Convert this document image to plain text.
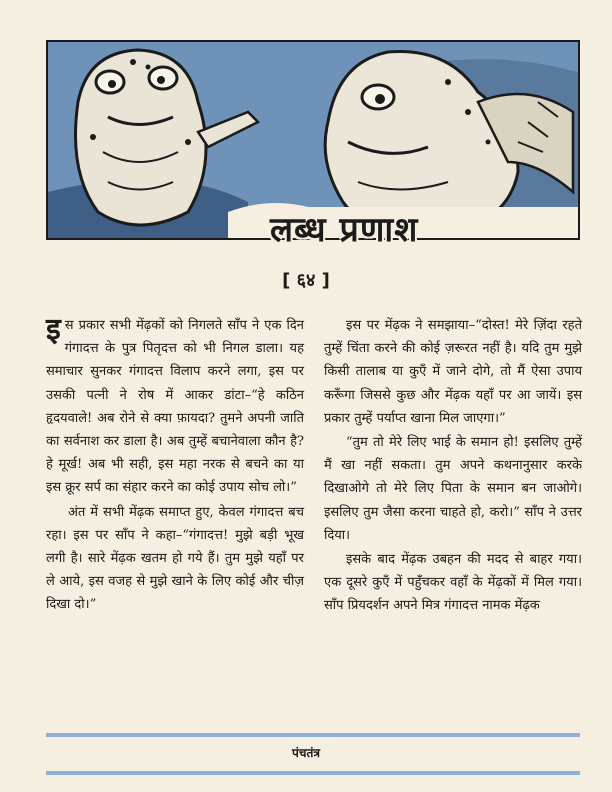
लब्ध प्रणाश
[ ६४ ]

इस प्रकार सभी मेंढ़कों को निगलते साँप ने एक दिन गंगादत्त के पुत्र पितृदत्त को भी निगल डाला। यह समाचार सुनकर गंगादत्त विलाप करने लगा, इस पर उसकी पत्नी ने रोष में आकर डांटा–“हे कठिन हृदयवाले! अब रोने से क्या फ़ायदा? तुमने अपनी जाति का सर्वनाश कर डाला है। अब तुम्हें बचानेवाला कौन है? हे मूर्ख! अब भी सही, इस महा नरक से बचने का या इस क्रूर सर्प का संहार करने का कोई उपाय सोच लो।”

अंत में सभी मेंढ़क समाप्त हुए, केवल गंगादत्त बच रहा। इस पर साँप ने कहा–“गंगादत्त! मुझे बड़ी भूख लगी है। सारे मेंढ़क खतम हो गये हैं। तुम मुझे यहाँ पर ले आये, इस वजह से मुझे खाने के लिए कोई और चीज़ दिखा दो।”

इस पर मेंढ़क ने समझाया–“दोस्त! मेरे ज़िंदा रहते तुम्हें चिंता करने की कोई ज़रूरत नहीं है। यदि तुम मुझे किसी तालाब या कुएँ में जाने दोगे, तो मैं ऐसा उपाय करूँगा जिससे कुछ और मेंढ़क यहाँ पर आ जायें। इस प्रकार तुम्हें पर्याप्त खाना मिल जाएगा।”

“तुम तो मेरे लिए भाई के समान हो! इसलिए तुम्हें मैं खा नहीं सकता। तुम अपने कथनानुसार करके दिखाओगे तो मेरे लिए पिता के समान बन जाओगे। इसलिए तुम जैसा करना चाहते हो, करो।” साँप ने उत्तर दिया।

इसके बाद मेंढ़क उबहन की मदद से बाहर गया। एक दूसरे कुएँ में पहुँचकर वहाँ के मेंढ़कों में मिल गया। साँप प्रियदर्शन अपने मित्र गंगादत्त नामक मेंढ़क

पंचतंत्र
